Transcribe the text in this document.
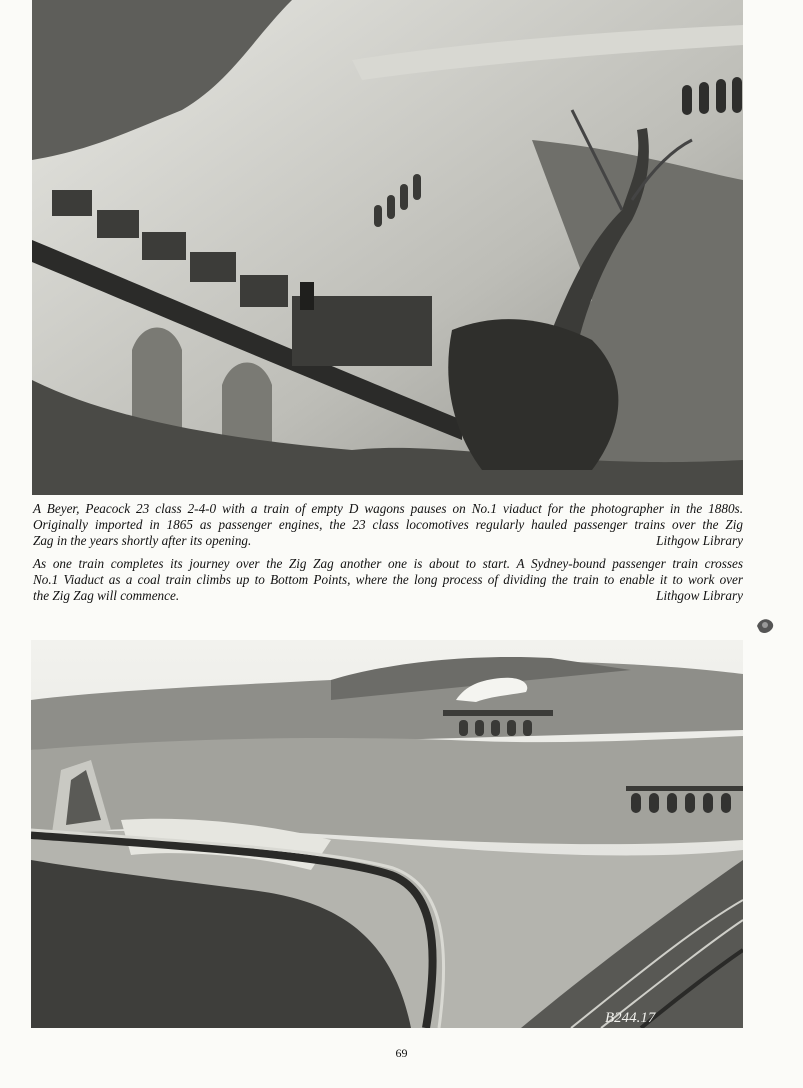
A Beyer, Peacock 23 class 2-4-0 with a train of empty D wagons pauses on No.1 viaduct for the photographer in the 1880s.
Originally imported in 1865 as passenger engines, the 23 class locomotives regularly hauled passenger trains over the Zig
Zag in the years shortly after its opening.	Lithgow Library
As one train completes its journey over the Zig Zag another one is about to start. A Sydney-bound passenger train crosses
No.1 Viaduct as a coal train climbs up to Bottom Points, where the long process of dividing the train to enable it to work over
the Zig Zag will commence.	Lithgow Library
B244.17
69
